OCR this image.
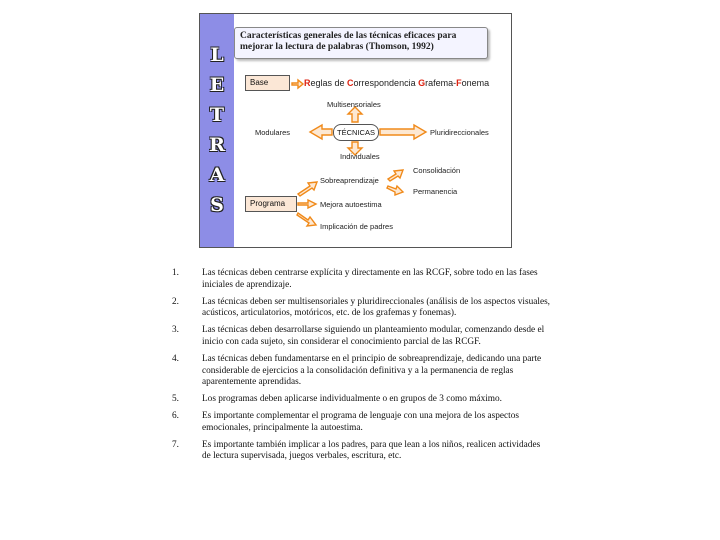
L
E
T
R
A
S
Características generales de las técnicas eficaces para mejorar la lectura de palabras (Thomson, 1992)
Base	Reglas de Correspondencia Grafema-Fonema
Multisensoriales
Modulares	TÉCNICAS	Pluridireccionales
Individuales
Programa
Sobreaprendizaje
Consolidación
Permanencia
Mejora autoestima
Implicación de padres
1. Las técnicas deben centrarse explícita y directamente en las RCGF, sobre todo en las fases iniciales de aprendizaje.
2. Las técnicas deben ser multisensoriales y pluridireccionales (análisis de los aspectos visuales, acústicos, articulatorios, motóricos, etc. de los grafemas y fonemas).
3. Las técnicas deben desarrollarse siguiendo un planteamiento modular, comenzando desde el inicio con cada sujeto, sin considerar el conocimiento parcial de las RCGF.
4. Las técnicas deben fundamentarse en el principio de sobreaprendizaje, dedicando una parte considerable de ejercicios a la consolidación definitiva y a la permanencia de reglas aparentemente aprendidas.
5. Los programas deben aplicarse individualmente o en grupos de 3 como máximo.
6. Es importante complementar el programa de lenguaje con una mejora de los aspectos emocionales, principalmente la autoestima.
7. Es importante también implicar a los padres, para que lean a los niños, realicen actividades de lectura supervisada, juegos verbales, escritura, etc.
